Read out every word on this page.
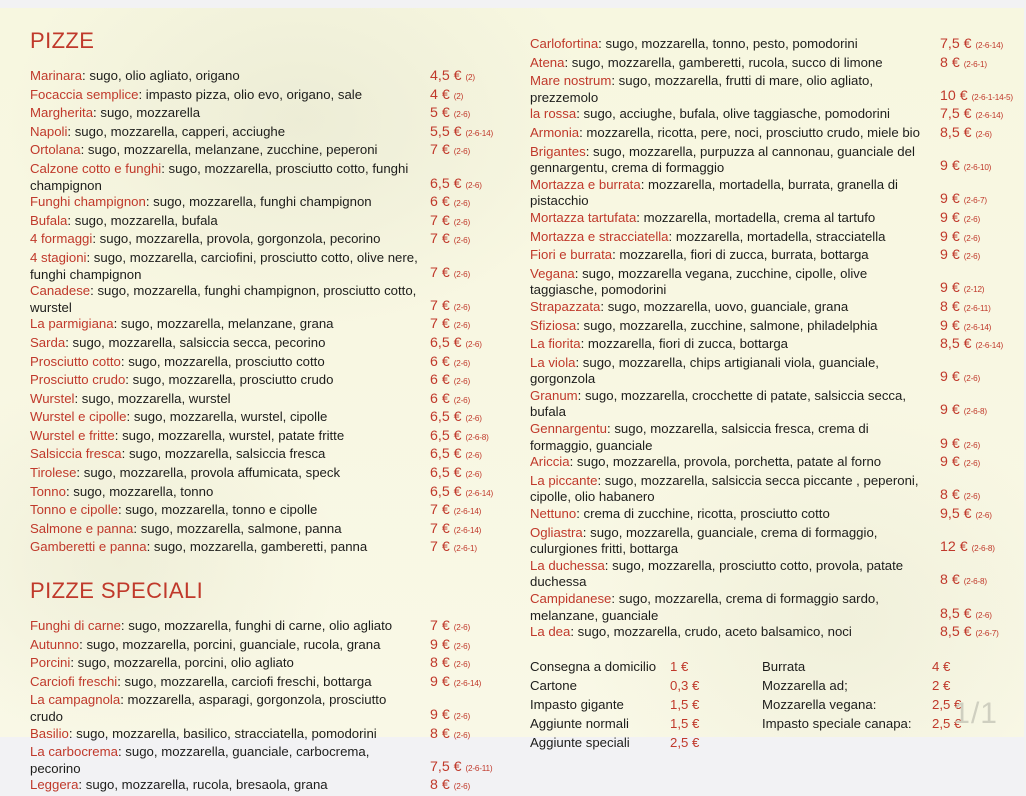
PIZZE
Marinara: sugo, olio agliato, origano	4,5 € (2)
Focaccia semplice: impasto pizza, olio evo, origano, sale	4 € (2)
Margherita: sugo, mozzarella	5 € (2-6)
Napoli: sugo, mozzarella, capperi, acciughe	5,5 € (2-6-14)
Ortolana: sugo, mozzarella, melanzane, zucchine, peperoni	7 € (2-6)
Calzone cotto e funghi: sugo, mozzarella, prosciutto cotto, funghi champignon	6,5 € (2-6)
Funghi champignon: sugo, mozzarella, funghi champignon	6 € (2-6)
Bufala: sugo, mozzarella, bufala	7 € (2-6)
4 formaggi: sugo, mozzarella, provola, gorgonzola, pecorino	7 € (2-6)
4 stagioni: sugo, mozzarella, carciofini, prosciutto cotto, olive nere, funghi champignon	7 € (2-6)
Canadese: sugo, mozzarella, funghi champignon, prosciutto cotto, wurstel	7 € (2-6)
La parmigiana: sugo, mozzarella, melanzane, grana	7 € (2-6)
Sarda: sugo, mozzarella, salsiccia secca, pecorino	6,5 € (2-6)
Prosciutto cotto: sugo, mozzarella, prosciutto cotto	6 € (2-6)
Prosciutto crudo: sugo, mozzarella, prosciutto crudo	6 € (2-6)
Wurstel: sugo, mozzarella, wurstel	6 € (2-6)
Wurstel e cipolle: sugo, mozzarella, wurstel, cipolle	6,5 € (2-6)
Wurstel e fritte: sugo, mozzarella, wurstel, patate fritte	6,5 € (2-6-8)
Salsiccia fresca: sugo, mozzarella, salsiccia fresca	6,5 € (2-6)
Tirolese: sugo, mozzarella, provola affumicata, speck	6,5 € (2-6)
Tonno: sugo, mozzarella, tonno	6,5 € (2-6-14)
Tonno e cipolle: sugo, mozzarella, tonno e cipolle	7 € (2-6-14)
Salmone e panna: sugo, mozzarella, salmone, panna	7 € (2-6-14)
Gamberetti e panna: sugo, mozzarella, gamberetti, panna	7 € (2-6-1)
PIZZE SPECIALI
Funghi di carne: sugo, mozzarella, funghi di carne, olio agliato	7 € (2-6)
Autunno: sugo, mozzarella, porcini, guanciale, rucola, grana	9 € (2-6)
Porcini: sugo, mozzarella, porcini, olio agliato	8 € (2-6)
Carciofi freschi: sugo, mozzarella, carciofi freschi, bottarga	9 € (2-6-14)
La campagnola: mozzarella, asparagi, gorgonzola, prosciutto crudo	9 € (2-6)
Basilio: sugo, mozzarella, basilico, stracciatella, pomodorini	8 € (2-6)
La carbocrema: sugo, mozzarella, guanciale, carbocrema, pecorino	7,5 € (2-6-11)
Leggera: sugo, mozzarella, rucola, bresaola, grana	8 € (2-6)
Carlofortina: sugo, mozzarella, tonno, pesto, pomodorini	7,5 € (2-6-14)
Atena: sugo, mozzarella, gamberetti, rucola, succo di limone	8 € (2-6-1)
Mare nostrum: sugo, mozzarella, frutti di mare, olio agliato, prezzemolo	10 € (2-6-1-14-5)
la rossa: sugo, acciughe, bufala, olive taggiasche, pomodorini	7,5 € (2-6-14)
Armonia: mozzarella, ricotta, pere, noci, prosciutto crudo, miele bio	8,5 € (2-6)
Brigantes: sugo, mozzarella, purpuzza al cannonau, guanciale del gennargentu, crema di formaggio	9 € (2-6-10)
Mortazza e burrata: mozzarella, mortadella, burrata, granella di pistacchio	9 € (2-6-7)
Mortazza tartufata: mozzarella, mortadella, crema al tartufo	9 € (2-6)
Mortazza e stracciatella: mozzarella, mortadella, stracciatella	9 € (2-6)
Fiori e burrata: mozzarella, fiori di zucca, burrata, bottarga	9 € (2-6)
Vegana: sugo, mozzarella vegana, zucchine, cipolle, olive taggiasche, pomodorini	9 € (2-12)
Strapazzata: sugo, mozzarella, uovo, guanciale, grana	8 € (2-6-11)
Sfiziosa: sugo, mozzarella, zucchine, salmone, philadelphia	9 € (2-6-14)
La fiorita: mozzarella, fiori di zucca, bottarga	8,5 € (2-6-14)
La viola: sugo, mozzarella, chips artigianali viola, guanciale, gorgonzola	9 € (2-6)
Granum: sugo, mozzarella, crocchette di patate, salsiccia secca, bufala	9 € (2-6-8)
Gennargentu: sugo, mozzarella, salsiccia fresca, crema di formaggio, guanciale	9 € (2-6)
Ariccia: sugo, mozzarella, provola, porchetta, patate al forno	9 € (2-6)
La piccante: sugo, mozzarella, salsiccia secca piccante , peperoni, cipolle, olio habanero	8 € (2-6)
Nettuno: crema di zucchine, ricotta, prosciutto cotto	9,5 € (2-6)
Ogliastra: sugo, mozzarella, guanciale, crema di formaggio, culurgiones fritti, bottarga	12 € (2-6-8)
La duchessa: sugo, mozzarella, prosciutto cotto, provola, patate duchessa	8 € (2-6-8)
Campidanese: sugo, mozzarella, crema di formaggio sardo, melanzane, guanciale	8,5 € (2-6)
La dea: sugo, mozzarella, crudo, aceto balsamico, noci	8,5 € (2-6-7)
Consegna a domicilio	1 €
Cartone	0,3 €
Impasto gigante	1,5 €
Aggiunte normali	1,5 €
Aggiunte speciali	2,5 €
Burrata	4 €
Mozzarella ad;	2 €
Mozzarella vegana:	2,5 €
Impasto speciale canapa:	2,5 €
1/1
